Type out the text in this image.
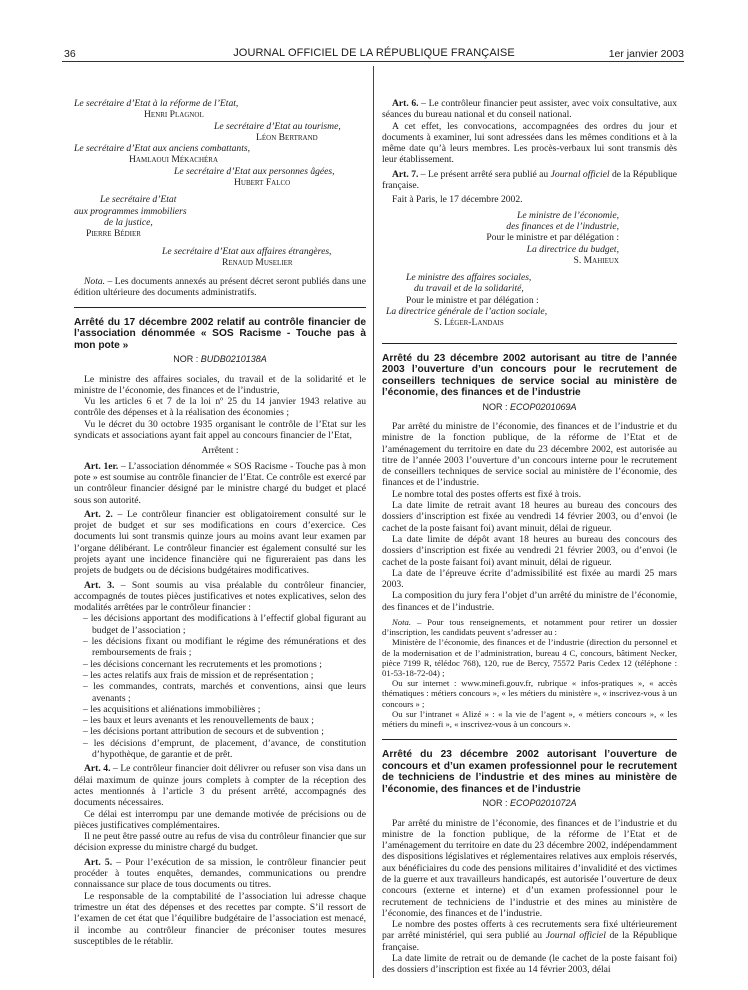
36	JOURNAL OFFICIEL DE LA RÉPUBLIQUE FRANÇAISE	1er janvier 2003

Le secrétaire d’Etat à la réforme de l’Etat,

Henri Plagnol

Le secrétaire d’Etat au tourisme,

Léon Bertrand

Le secrétaire d’Etat aux anciens combattants,

Hamlaoui Mékachéra

Le secrétaire d’Etat aux personnes âgées,

Hubert Falco

Le secrétaire d’Etat

aux programmes immobiliers

de la justice,

Pierre Bédier

Le secrétaire d’Etat aux affaires étrangères,

Renaud Muselier

Nota. – Les documents annexés au présent décret seront publiés dans une édition ultérieure des documents administratifs.

Arrêté du 17 décembre 2002 relatif au contrôle financier de l’association dénommée « SOS Racisme - Touche pas à mon pote »

NOR : BUDB0210138A

Le ministre des affaires sociales, du travail et de la solidarité et le ministre de l’économie, des finances et de l’industrie,

Vu les articles 6 et 7 de la loi nº 25 du 14 janvier 1943 relative au contrôle des dépenses et à la réalisation des économies ;

Vu le décret du 30 octobre 1935 organisant le contrôle de l’Etat sur les syndicats et associations ayant fait appel au concours financier de l’Etat,

Arrêtent :

Art. 1er. – L’association dénommée « SOS Racisme - Touche pas à mon pote » est soumise au contrôle financier de l’Etat. Ce contrôle est exercé par un contrôleur financier désigné par le ministre chargé du budget et placé sous son autorité.

Art. 2. – Le contrôleur financier est obligatoirement consulté sur le projet de budget et sur ses modifications en cours d’exercice. Ces documents lui sont transmis quinze jours au moins avant leur examen par l’organe délibérant. Le contrôleur financier est également consulté sur les projets ayant une incidence financière qui ne figureraient pas dans les projets de budgets ou de décisions budgétaires modificatives.

Art. 3. – Sont soumis au visa préalable du contrôleur financier, accompagnés de toutes pièces justificatives et notes explicatives, selon des modalités arrêtées par le contrôleur financier :

– les décisions apportant des modifications à l’effectif global figurant au budget de l’association ;
– les décisions fixant ou modifiant le régime des rémunérations et des remboursements de frais ;
– les décisions concernant les recrutements et les promotions ;
– les actes relatifs aux frais de mission et de représentation ;
– les commandes, contrats, marchés et conventions, ainsi que leurs avenants ;
– les acquisitions et aliénations immobilières ;
– les baux et leurs avenants et les renouvellements de baux ;
– les décisions portant attribution de secours et de subvention ;
– les décisions d’emprunt, de placement, d’avance, de constitution d’hypothèque, de garantie et de prêt.

Art. 4. – Le contrôleur financier doit délivrer ou refuser son visa dans un délai maximum de quinze jours complets à compter de la réception des actes mentionnés à l’article 3 du présent arrêté, accompagnés des documents nécessaires.

Ce délai est interrompu par une demande motivée de précisions ou de pièces justificatives complémentaires.

Il ne peut être passé outre au refus de visa du contrôleur financier que sur décision expresse du ministre chargé du budget.

Art. 5. – Pour l’exécution de sa mission, le contrôleur financier peut procéder à toutes enquêtes, demandes, communications ou prendre connaissance sur place de tous documents ou titres.

Le responsable de la comptabilité de l’association lui adresse chaque trimestre un état des dépenses et des recettes par compte. S’il ressort de l’examen de cet état que l’équilibre budgétaire de l’association est menacé, il incombe au contrôleur financier de préconiser toutes mesures susceptibles de le rétablir.

Art. 6. – Le contrôleur financier peut assister, avec voix consultative, aux séances du bureau national et du conseil national.

A cet effet, les convocations, accompagnées des ordres du jour et documents à examiner, lui sont adressées dans les mêmes conditions et à la même date qu’à leurs membres. Les procès-verbaux lui sont transmis dès leur établissement.

Art. 7. – Le présent arrêté sera publié au Journal officiel de la République française.

Fait à Paris, le 17 décembre 2002.

Le ministre de l’économie,

des finances et de l’industrie,

Pour le ministre et par délégation :

La directrice du budget,

S. Mahieux

Le ministre des affaires sociales,

du travail et de la solidarité,

Pour le ministre et par délégation :

La directrice générale de l’action sociale,

S. Léger-Landais

Arrêté du 23 décembre 2002 autorisant au titre de l’année 2003 l’ouverture d’un concours pour le recrutement de conseillers techniques de service social au ministère de l’économie, des finances et de l’industrie

NOR : ECOP0201069A

Par arrêté du ministre de l’économie, des finances et de l’industrie et du ministre de la fonction publique, de la réforme de l’Etat et de l’aménagement du territoire en date du 23 décembre 2002, est autorisée au titre de l’année 2003 l’ouverture d’un concours interne pour le recrutement de conseillers techniques de service social au ministère de l’économie, des finances et de l’industrie.

Le nombre total des postes offerts est fixé à trois.

La date limite de retrait avant 18 heures au bureau des concours des dossiers d’inscription est fixée au vendredi 14 février 2003, ou d’envoi (le cachet de la poste faisant foi) avant minuit, délai de rigueur.

La date limite de dépôt avant 18 heures au bureau des concours des dossiers d’inscription est fixée au vendredi 21 février 2003, ou d’envoi (le cachet de la poste faisant foi) avant minuit, délai de rigueur.

La date de l’épreuve écrite d’admissibilité est fixée au mardi 25 mars 2003.

La composition du jury fera l’objet d’un arrêté du ministre de l’économie, des finances et de l’industrie.

Nota. – Pour tous renseignements, et notamment pour retirer un dossier d’inscription, les candidats peuvent s’adresser au :

Ministère de l’économie, des finances et de l’industrie (direction du personnel et de la modernisation et de l’administration, bureau 4 C, concours, bâtiment Necker, pièce 7199 R, télédoc 768), 120, rue de Bercy, 75572 Paris Cedex 12 (téléphone : 01-53-18-72-04) ;

Ou sur internet : www.minefi.gouv.fr, rubrique « infos-pratiques », « accès thématiques : métiers concours », « les métiers du ministère », « inscrivez-vous à un concours » ;

Ou sur l’intranet « Alizé » : « la vie de l’agent », « métiers concours », « les métiers du minefi », « inscrivez-vous à un concours ».

Arrêté du 23 décembre 2002 autorisant l’ouverture de concours et d’un examen professionnel pour le recrutement de techniciens de l’industrie et des mines au ministère de l’économie, des finances et de l’industrie

NOR : ECOP0201072A

Par arrêté du ministre de l’économie, des finances et de l’industrie et du ministre de la fonction publique, de la réforme de l’Etat et de l’aménagement du territoire en date du 23 décembre 2002, indépendamment des dispositions législatives et réglementaires relatives aux emplois réservés, aux bénéficiaires du code des pensions militaires d’invalidité et des victimes de la guerre et aux travailleurs handicapés, est autorisée l’ouverture de deux concours (externe et interne) et d’un examen professionnel pour le recrutement de techniciens de l’industrie et des mines au ministère de l’économie, des finances et de l’industrie.

Le nombre des postes offerts à ces recrutements sera fixé ultérieurement par arrêté ministériel, qui sera publié au Journal officiel de la République française.

La date limite de retrait ou de demande (le cachet de la poste faisant foi) des dossiers d’inscription est fixée au 14 février 2003, délai
